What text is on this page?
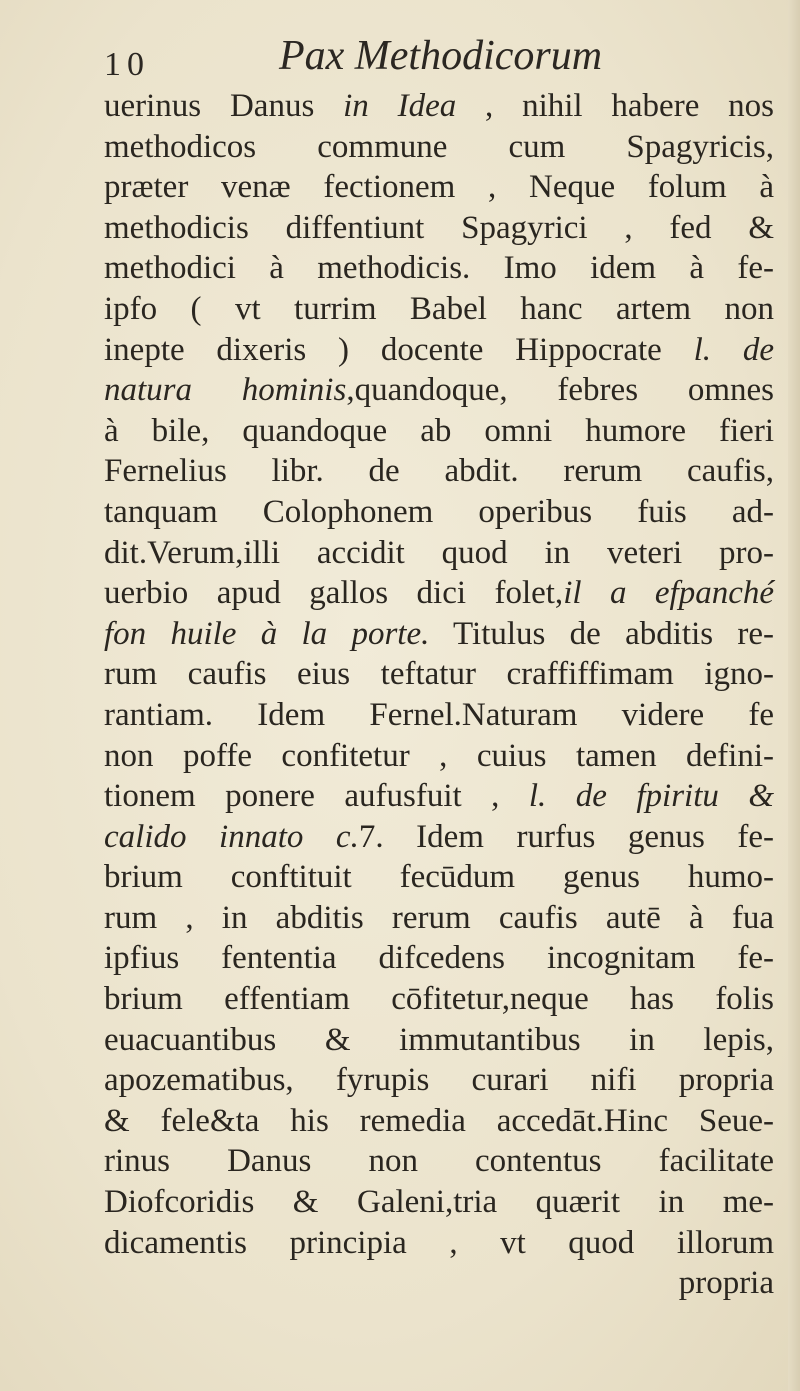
10	Pax Methodicorum
uerinus Danus in Idea , nihil habere nos
methodicos commune cum Spagyricis,
præter venæ fectionem , Neque folum à
methodicis diffentiunt Spagyrici , fed &
methodici à methodicis. Imo idem à fe-
ipfo ( vt turrim Babel hanc artem non
inepte dixeris ) docente Hippocrate l. de
natura hominis,quandoque, febres omnes
à bile, quandoque ab omni humore fieri
Fernelius libr. de abdit. rerum caufis,
tanquam Colophonem operibus fuis ad-
dit.Verum,illi accidit quod in veteri pro-
uerbio apud gallos dici folet,il a efpanché
fon huile à la porte. Titulus de abditis re-
rum caufis eius teftatur craffiffimam igno-
rantiam. Idem Fernel.Naturam videre fe
non poffe confitetur , cuius tamen defini-
tionem ponere aufusfuit , l. de fpiritu &
calido innato c.7. Idem rurfus genus fe-
brium conftituit fecūdum genus humo-
rum , in abditis rerum caufis autē à fua
ipfius fententia difcedens incognitam fe-
brium effentiam cōfitetur,neque has folis
euacuantibus & immutantibus in lepis,
apozematibus, fyrupis curari nifi propria
& fele&ta his remedia accedāt.Hinc Seue-
rinus Danus non contentus facilitate
Diofcoridis & Galeni,tria quærit in me-
dicamentis principia , vt quod illorum
propria
